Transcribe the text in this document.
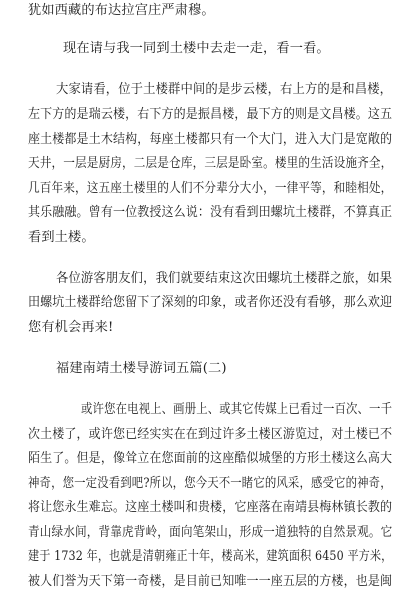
犹如西藏的布达拉宫庄严肃穆。
现在请与我一同到土楼中去走一走，看一看。
大家请看，位于土楼群中间的是步云楼，右上方的是和昌楼，
左下方的是瑞云楼，右下方的是振昌楼，最下方的则是文昌楼。这五
座土楼都是土木结构，每座土楼都只有一个大门，进入大门是宽敞的
天井，一层是厨房，二层是仓库，三层是卧室。楼里的生活设施齐全，
几百年来，这五座土楼里的人们不分辈分大小，一律平等，和睦相处，
其乐融融。曾有一位教授这么说：没有看到田螺坑土楼群，不算真正
看到土楼。
各位游客朋友们，我们就要结束这次田螺坑土楼群之旅，如果
田螺坑土楼群给您留下了深刻的印象，或者你还没有看够，那么欢迎
您有机会再来!
福建南靖土楼导游词五篇(二)
或许您在电视上、画册上、或其它传媒上已看过一百次、一千
次土楼了，或许您已经实实在在到过许多土楼区游览过，对土楼已不
陌生了。但是，像耸立在您面前的这座酷似城堡的方形土楼这么高大
神奇，您一定没看到吧?所以，您今天不一睹它的风采，感受它的神奇，
将让您永生难忘。这座土楼叫和贵楼，它座落在南靖县梅林镇长教的
青山绿水间，背靠虎背岭，面向笔架山，形成一道独特的自然景观。它
建于 1732 年，也就是清朝雍正十年，楼高米，建筑面积 6450 平方米，
被人们誉为天下第一奇楼，是目前已知唯一一座五层的方楼，也是闽
